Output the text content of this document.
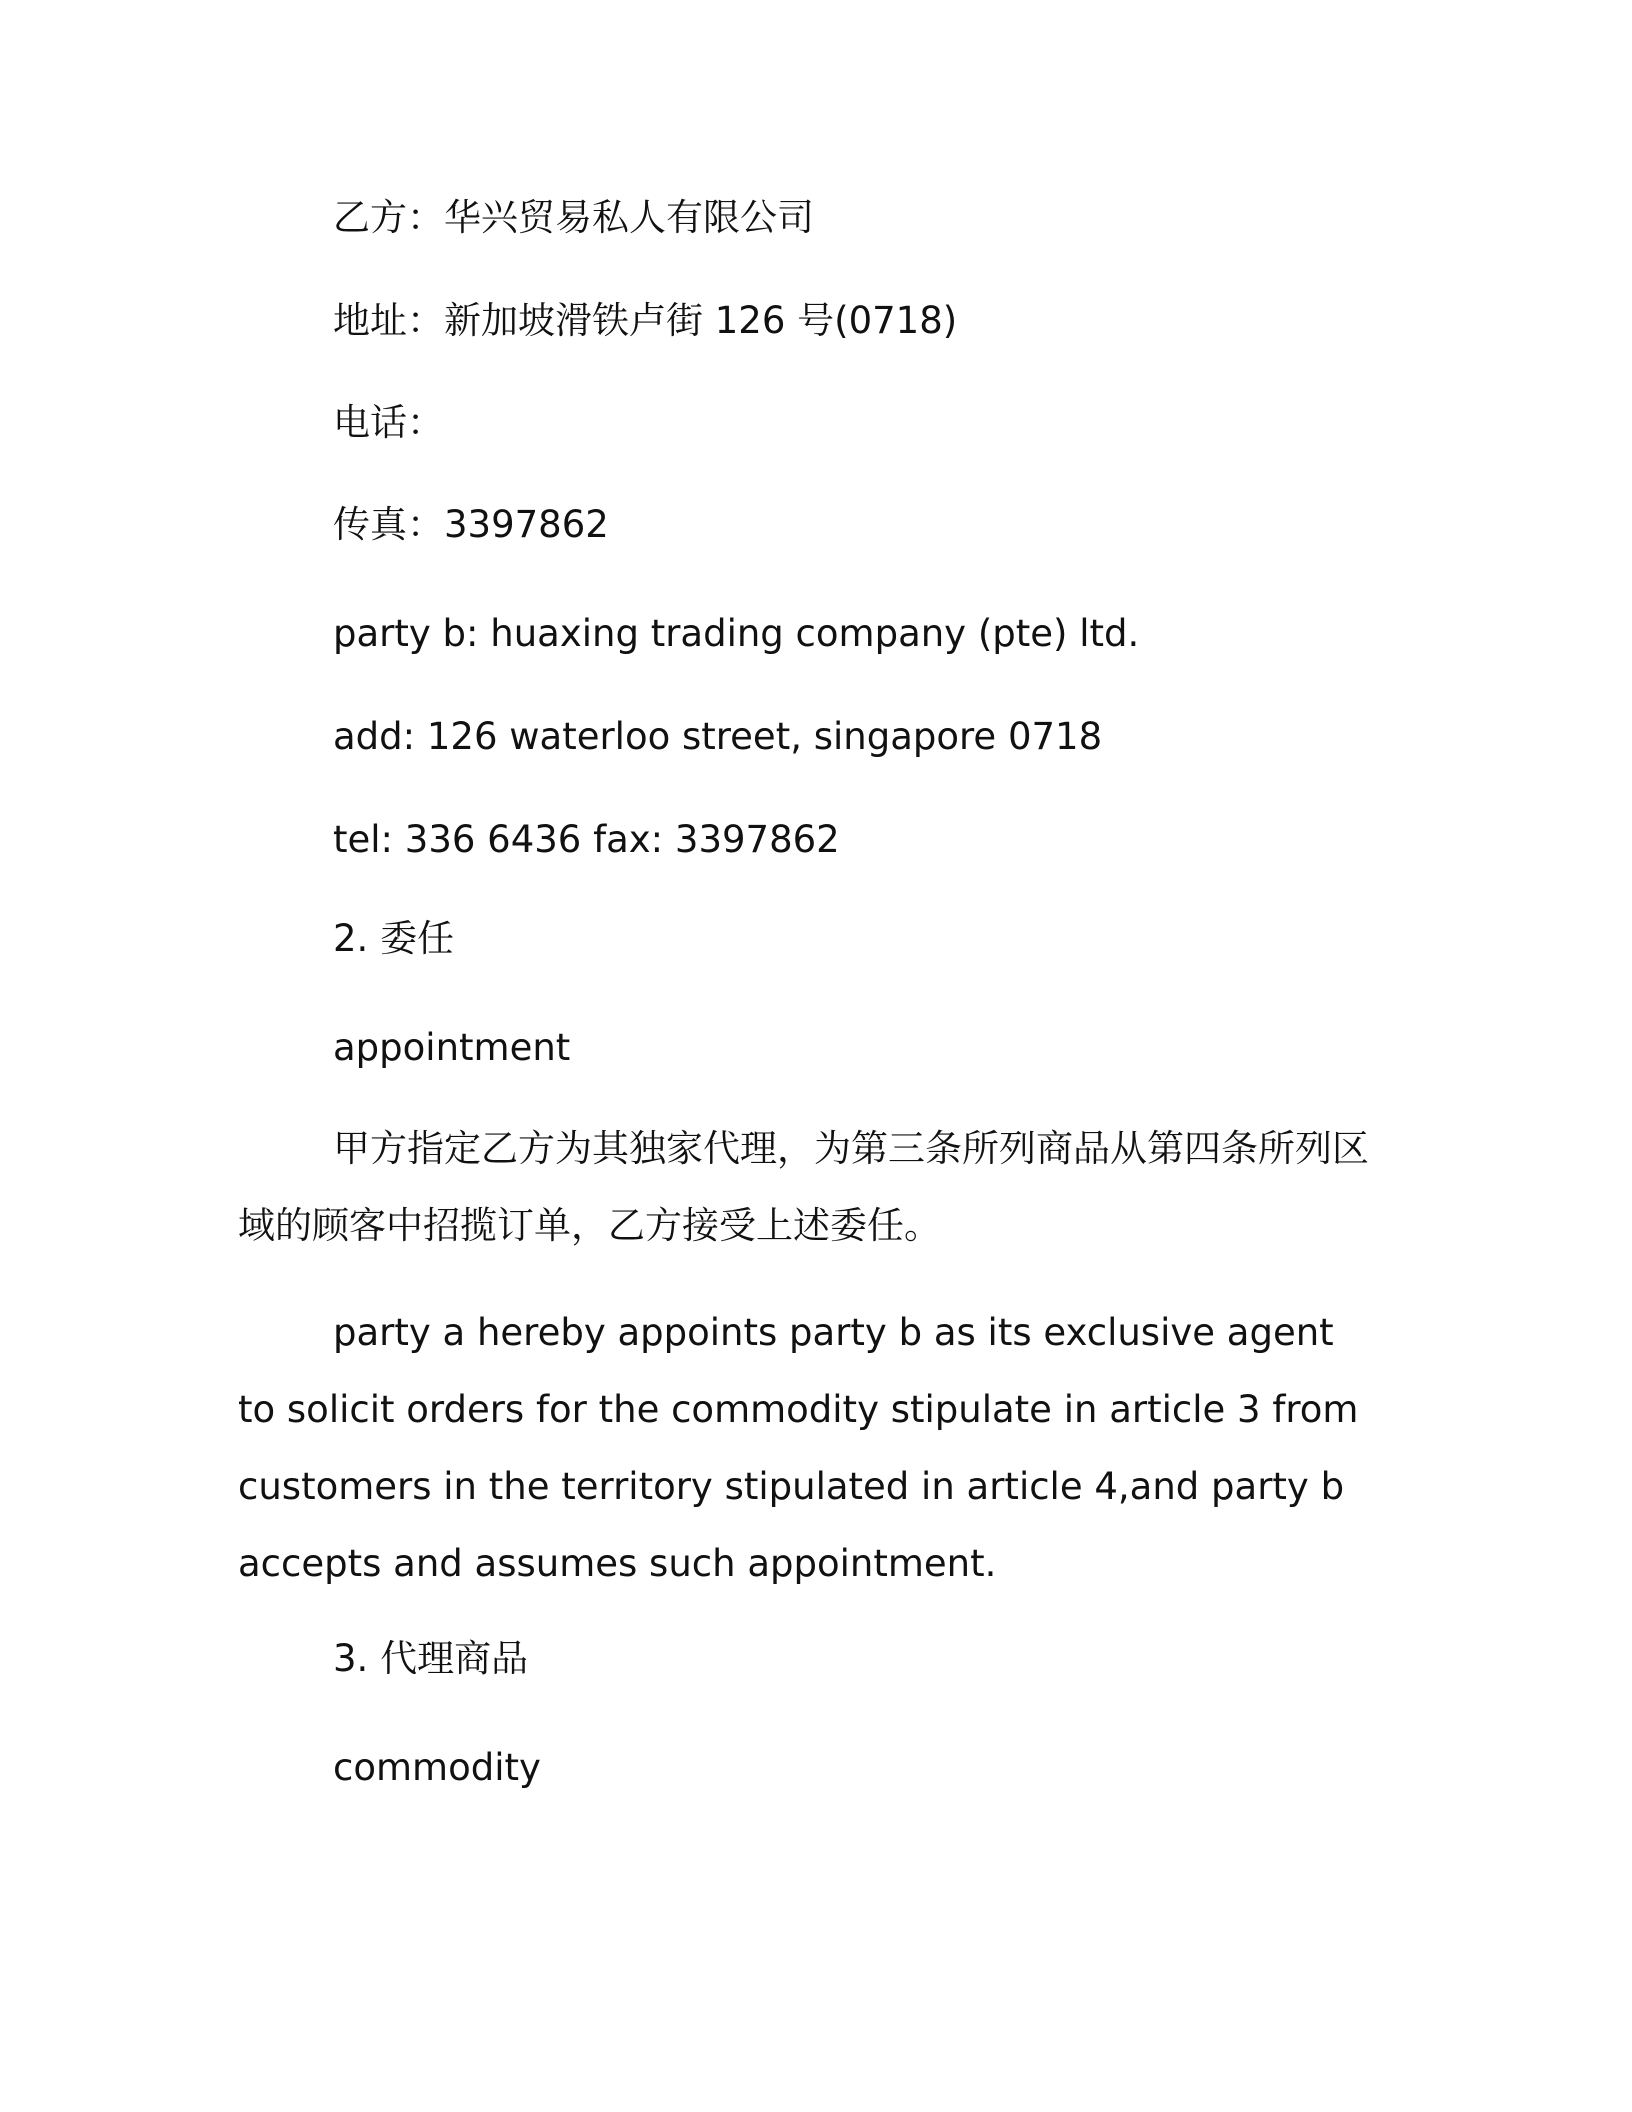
乙方：华兴贸易私人有限公司

地址：新加坡滑铁卢街 126 号(0718)

电话：

传真：3397862

party b: huaxing trading company (pte) ltd.

add: 126 waterloo street, singapore 0718

tel: 336 6436 fax: 3397862

2. 委任

appointment

甲方指定乙方为其独家代理，为第三条所列商品从第四条所列区域的顾客中招揽订单，乙方接受上述委任。

party a hereby appoints party b as its exclusive agent to solicit orders for the commodity stipulate in article 3 from customers in the territory stipulated in article 4,and party b accepts and assumes such appointment.

3. 代理商品

commodity
